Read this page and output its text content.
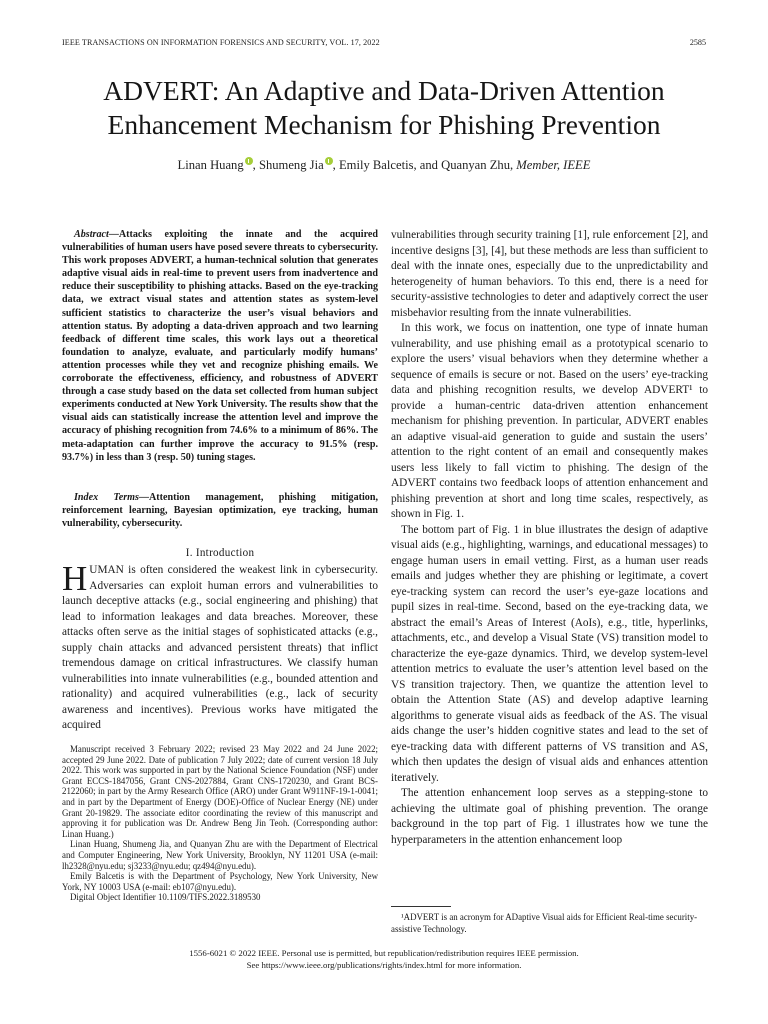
IEEE TRANSACTIONS ON INFORMATION FORENSICS AND SECURITY, VOL. 17, 2022	2585
ADVERT: An Adaptive and Data-Driven Attention
Enhancement Mechanism for Phishing Prevention
Linan Huang , Shumeng Jia , Emily Balcetis, and Quanyan Zhu, Member, IEEE

Abstract—Attacks exploiting the innate and the acquired vulnerabilities of human users have posed severe threats to cybersecurity. This work proposes ADVERT, a human-technical solution that generates adaptive visual aids in real-time to prevent users from inadvertence and reduce their susceptibility to phishing attacks. Based on the eye-tracking data, we extract visual states and attention states as system-level sufficient statistics to characterize the user’s visual behaviors and attention status. By adopting a data-driven approach and two learning feedback of different time scales, this work lays out a theoretical foundation to analyze, evaluate, and particularly modify humans’ attention processes while they vet and recognize phishing emails. We corroborate the effectiveness, efficiency, and robustness of ADVERT through a case study based on the data set collected from human subject experiments conducted at New York University. The results show that the visual aids can statistically increase the attention level and improve the accuracy of phishing recognition from 74.6% to a minimum of 86%. The meta-adaptation can further improve the accuracy to 91.5% (resp. 93.7%) in less than 3 (resp. 50) tuning stages.

Index Terms—Attention management, phishing mitigation, reinforcement learning, Bayesian optimization, eye tracking, human vulnerability, cybersecurity.

I. Introduction
HUMAN is often considered the weakest link in cybersecurity. Adversaries can exploit human errors and vulnerabilities to launch deceptive attacks (e.g., social engineering and phishing) that lead to information leakages and data breaches. Moreover, these attacks often serve as the initial stages of sophisticated attacks (e.g., supply chain attacks and advanced persistent threats) that inflict tremendous damage on critical infrastructures. We classify human vulnerabilities into innate vulnerabilities (e.g., bounded attention and rationality) and acquired vulnerabilities (e.g., lack of security awareness and incentives). Previous works have mitigated the acquired

Manuscript received 3 February 2022; revised 23 May 2022 and 24 June 2022; accepted 29 June 2022. Date of publication 7 July 2022; date of current version 18 July 2022. This work was supported in part by the National Science Foundation (NSF) under Grant ECCS-1847056, Grant CNS-2027884, Grant CNS-1720230, and Grant BCS-2122060; in part by the Army Research Office (ARO) under Grant W911NF-19-1-0041; and in part by the Department of Energy (DOE)-Office of Nuclear Energy (NE) under Grant 20-19829. The associate editor coordinating the review of this manuscript and approving it for publication was Dr. Andrew Beng Jin Teoh. (Corresponding author: Linan Huang.)

Linan Huang, Shumeng Jia, and Quanyan Zhu are with the Department of Electrical and Computer Engineering, New York University, Brooklyn, NY 11201 USA (e-mail: lh2328@nyu.edu; sj3233@nyu.edu; qz494@nyu.edu).

Emily Balcetis is with the Department of Psychology, New York University, New York, NY 10003 USA (e-mail: eb107@nyu.edu).

Digital Object Identifier 10.1109/TIFS.2022.3189530

vulnerabilities through security training [1], rule enforcement [2], and incentive designs [3], [4], but these methods are less than sufficient to deal with the innate ones, especially due to the unpredictability and heterogeneity of human behaviors. To this end, there is a need for security-assistive technologies to deter and adaptively correct the user misbehavior resulting from the innate vulnerabilities.

In this work, we focus on inattention, one type of innate human vulnerability, and use phishing email as a prototypical scenario to explore the users’ visual behaviors when they determine whether a sequence of emails is secure or not. Based on the users’ eye-tracking data and phishing recognition results, we develop ADVERT¹ to provide a human-centric data-driven attention enhancement mechanism for phishing prevention. In particular, ADVERT enables an adaptive visual-aid generation to guide and sustain the users’ attention to the right content of an email and consequently makes users less likely to fall victim to phishing. The design of the ADVERT contains two feedback loops of attention enhancement and phishing prevention at short and long time scales, respectively, as shown in Fig. 1.

The bottom part of Fig. 1 in blue illustrates the design of adaptive visual aids (e.g., highlighting, warnings, and educational messages) to engage human users in email vetting. First, as a human user reads emails and judges whether they are phishing or legitimate, a covert eye-tracking system can record the user’s eye-gaze locations and pupil sizes in real-time. Second, based on the eye-tracking data, we abstract the email’s Areas of Interest (AoIs), e.g., title, hyperlinks, attachments, etc., and develop a Visual State (VS) transition model to characterize the eye-gaze dynamics. Third, we develop system-level attention metrics to evaluate the user’s attention level based on the VS transition trajectory. Then, we quantize the attention level to obtain the Attention State (AS) and develop adaptive learning algorithms to generate visual aids as feedback of the AS. The visual aids change the user’s hidden cognitive states and lead to the set of eye-tracking data with different patterns of VS transition and AS, which then updates the design of visual aids and enhances attention iteratively.

The attention enhancement loop serves as a stepping-stone to achieving the ultimate goal of phishing prevention. The orange background in the top part of Fig. 1 illustrates how we tune the hyperparameters in the attention enhancement loop

¹ADVERT is an acronym for ADaptive Visual aids for Efficient Real-time security-assistive Technology.

1556-6021 © 2022 IEEE. Personal use is permitted, but republication/redistribution requires IEEE permission.
See https://www.ieee.org/publications/rights/index.html for more information.
